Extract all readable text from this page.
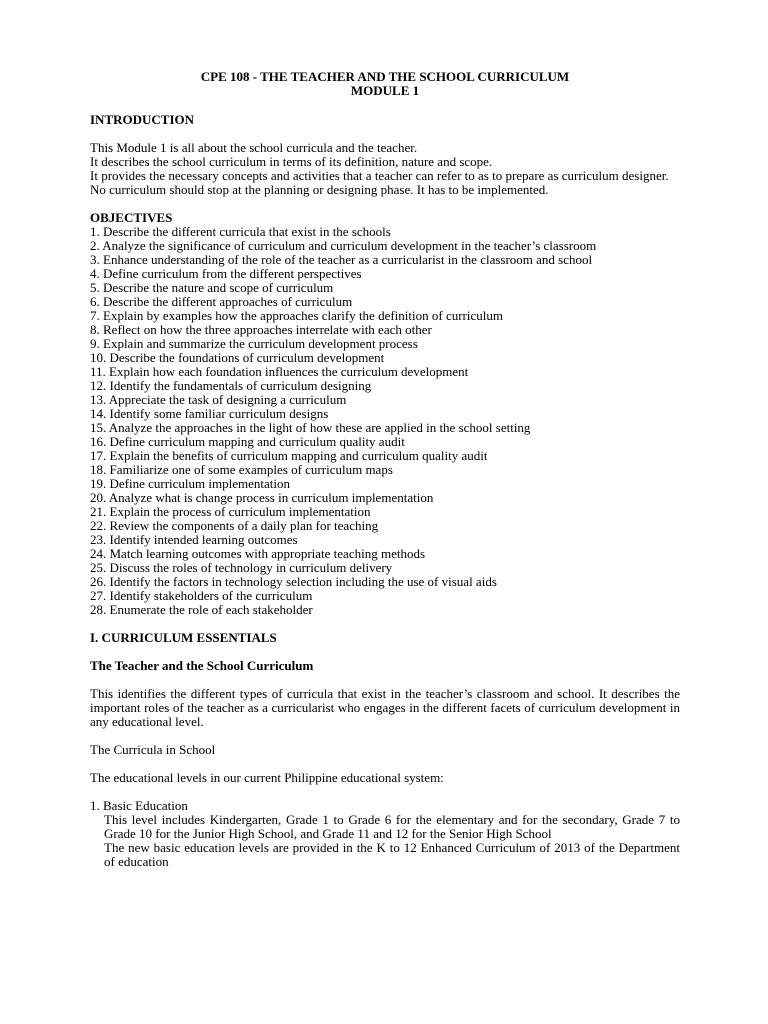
CPE 108 - THE TEACHER AND THE SCHOOL CURRICULUM
MODULE 1
INTRODUCTION

This Module 1 is all about the school curricula and the teacher.

It describes the school curriculum in terms of its definition, nature and scope.

It provides the necessary concepts and activities that a teacher can refer to as to prepare as curriculum designer.

No curriculum should stop at the planning or designing phase. It has to be implemented.

OBJECTIVES
1. Describe the different curricula that exist in the schools
2. Analyze the significance of curriculum and curriculum development in the teacher’s classroom
3. Enhance understanding of the role of the teacher as a curricularist in the classroom and school
4. Define curriculum from the different perspectives
5. Describe the nature and scope of curriculum
6. Describe the different approaches of curriculum
7. Explain by examples how the approaches clarify the definition of curriculum
8. Reflect on how the three approaches interrelate with each other
9. Explain and summarize the curriculum development process
10. Describe the foundations of curriculum development
11. Explain how each foundation influences the curriculum development
12. Identify the fundamentals of curriculum designing
13. Appreciate the task of designing a curriculum
14. Identify some familiar curriculum designs
15. Analyze the approaches in the light of how these are applied in the school setting
16. Define curriculum mapping and curriculum quality audit
17. Explain the benefits of curriculum mapping and curriculum quality audit
18. Familiarize one of some examples of curriculum maps
19. Define curriculum implementation
20. Analyze what is change process in curriculum implementation
21. Explain the process of curriculum implementation
22. Review the components of a daily plan for teaching
23. Identify intended learning outcomes
24. Match learning outcomes with appropriate teaching methods
25. Discuss the roles of technology in curriculum delivery
26. Identify the factors in technology selection including the use of visual aids
27. Identify stakeholders of the curriculum
28. Enumerate the role of each stakeholder
I. CURRICULUM ESSENTIALS
The Teacher and the School Curriculum

This identifies the different types of curricula that exist in the teacher’s classroom and school. It describes the important roles of the teacher as a curricularist who engages in the different facets of curriculum development in any educational level.

The Curricula in School

The educational levels in our current Philippine educational system:

1. Basic Education

This level includes Kindergarten, Grade 1 to Grade 6 for the elementary and for the secondary, Grade 7 to Grade 10 for the Junior High School, and Grade 11 and 12 for the Senior High School

The new basic education levels are provided in the K to 12 Enhanced Curriculum of 2013 of the Department of education
